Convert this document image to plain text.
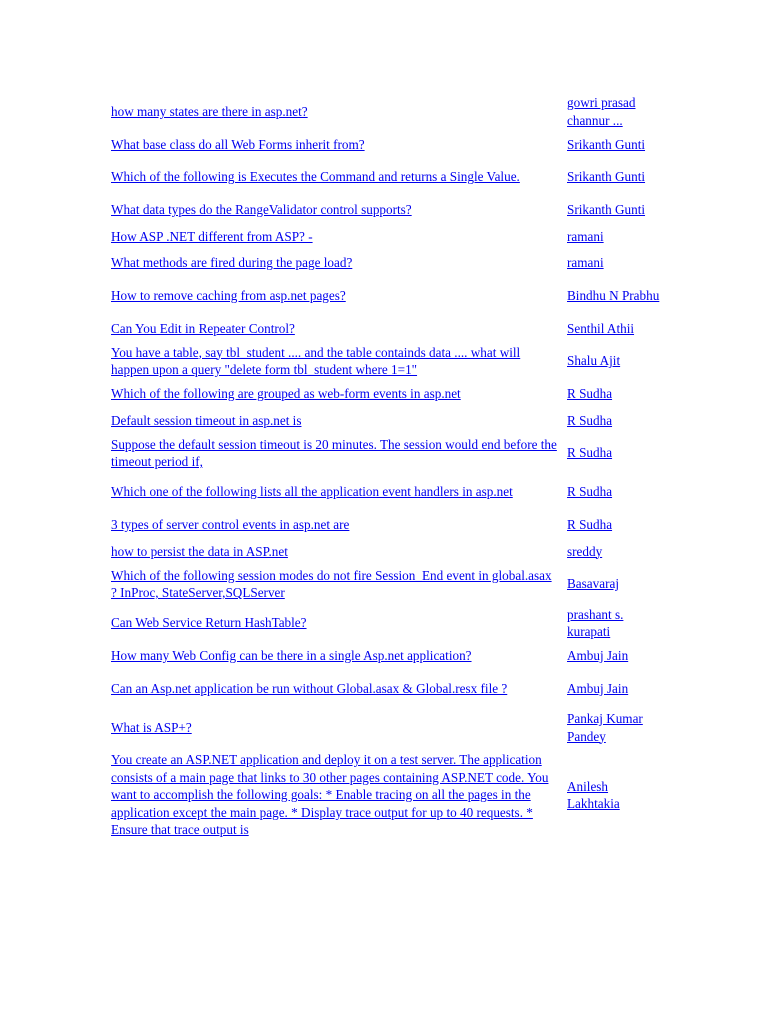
how many states are there in asp.net?	gowri prasad channur ...
What base class do all Web Forms inherit from?	Srikanth Gunti
Which of the following is Executes the Command and returns a Single Value.	Srikanth Gunti
What data types do the RangeValidator control supports?	Srikanth Gunti
How ASP .NET different from ASP? -	ramani
What methods are fired during the page load?	ramani
How to remove caching from asp.net pages?	Bindhu N Prabhu
Can You Edit in Repeater Control?	Senthil Athii
You have a table, say tbl_student .... and the table containds data .... what will happen upon a query "delete form tbl_student where 1=1"	Shalu Ajit
Which of the following are grouped as web-form events in asp.net	R Sudha
Default session timeout in asp.net is	R Sudha
Suppose the default session timeout is 20 minutes. The session would end before the timeout period if,	R Sudha
Which one of the following lists all the application event handlers in asp.net	R Sudha
3 types of server control events in asp.net are	R Sudha
how to persist the data in ASP.net	sreddy
Which of the following session modes do not fire Session_End event in global.asax ? InProc, StateServer,SQLServer	Basavaraj
Can Web Service Return HashTable?	prashant s. kurapati
How many Web Config can be there in a single Asp.net application?	Ambuj Jain
Can an Asp.net application be run without Global.asax & Global.resx file ?	Ambuj Jain
What is ASP+?	Pankaj Kumar Pandey
You create an ASP.NET application and deploy it on a test server. The application consists of a main page that links to 30 other pages containing ASP.NET code. You want to accomplish the following goals: * Enable tracing on all the pages in the application except the main page. * Display trace output for up to 40 requests. * Ensure that trace output is	Anilesh Lakhtakia
